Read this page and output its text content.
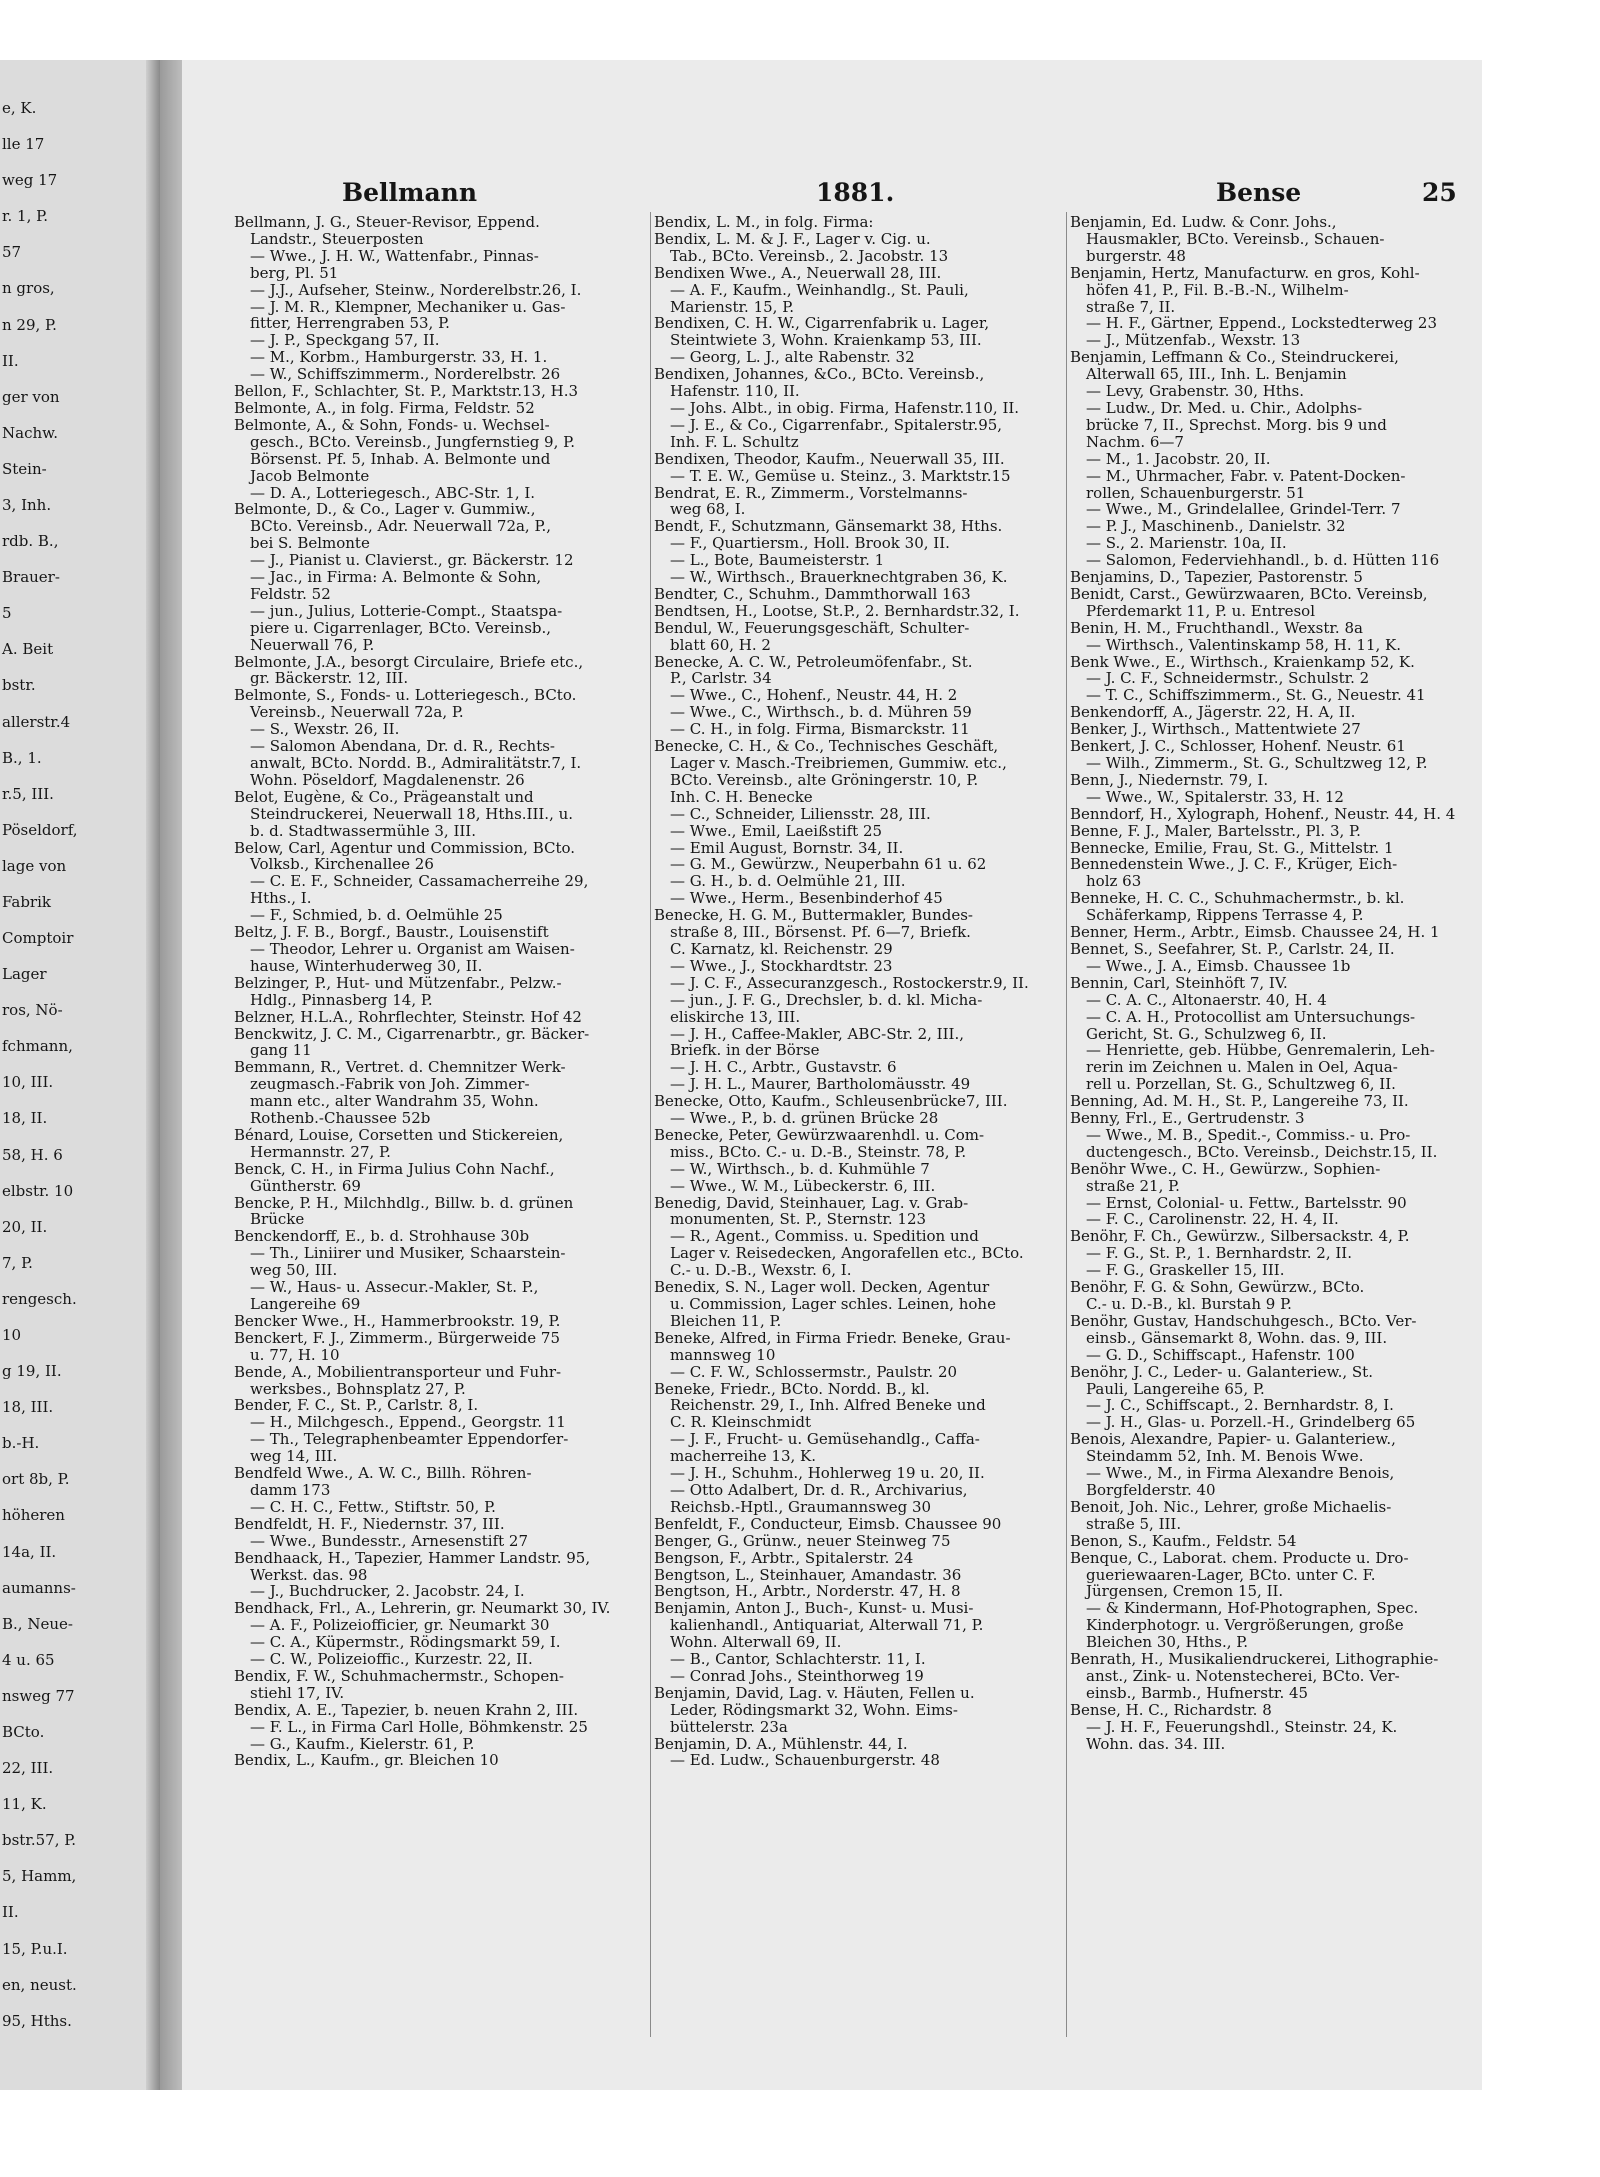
e, K.
lle 17
weg 17
r. 1, P.
57
n gros,
n 29, P.
II.
ger von
Nachw.
Stein-
3, Inh.
rdb. B.,
Brauer-
5
A. Beit
bstr.
allerstr.4
B., 1.
r.5, III.
Pöseldorf,
lage von
Fabrik
Comptoir
Lager
ros, Nö-
fchmann,
10, III.
18, II.
58, H. 6
elbstr. 10
20, II.
7, P.
rengesch.
10
g 19, II.
18, III.
b.-H.
ort 8b, P.
höheren
14a, II.
aumanns-
B., Neue-
4 u. 65
nsweg 77
BCto.
22, III.
11, K.
bstr.57, P.
5, Hamm,
II.
15, P.u.I.
en, neust.
95, Hths.
Bellmann	1881.	Bense	25
Bellmann, J. G., Steuer-Revisor, Eppend.
Landstr., Steuerposten
— Wwe., J. H. W., Wattenfabr., Pinnas-
berg, Pl. 51
— J.J., Aufseher, Steinw., Norderelbstr.26, I.
— J. M. R., Klempner, Mechaniker u. Gas-
fitter, Herrengraben 53, P.
— J. P., Speckgang 57, II.
— M., Korbm., Hamburgerstr. 33, H. 1.
— W., Schiffszimmerm., Norderelbstr. 26
Bellon, F., Schlachter, St. P., Marktstr.13, H.3
Belmonte, A., in folg. Firma, Feldstr. 52
Belmonte, A., & Sohn, Fonds- u. Wechsel-
gesch., BCto. Vereinsb., Jungfernstieg 9, P.
Börsenst. Pf. 5, Inhab. A. Belmonte und
Jacob Belmonte
— D. A., Lotteriegesch., ABC-Str. 1, I.
Belmonte, D., & Co., Lager v. Gummiw.,
BCto. Vereinsb., Adr. Neuerwall 72a, P.,
bei S. Belmonte
— J., Pianist u. Clavierst., gr. Bäckerstr. 12
— Jac., in Firma: A. Belmonte & Sohn,
Feldstr. 52
— jun., Julius, Lotterie-Compt., Staatspa-
piere u. Cigarrenlager, BCto. Vereinsb.,
Neuerwall 76, P.
Belmonte, J.A., besorgt Circulaire, Briefe etc.,
gr. Bäckerstr. 12, III.
Belmonte, S., Fonds- u. Lotteriegesch., BCto.
Vereinsb., Neuerwall 72a, P.
— S., Wexstr. 26, II.
— Salomon Abendana, Dr. d. R., Rechts-
anwalt, BCto. Nordd. B., Admiralitätstr.7, I.
Wohn. Pöseldorf, Magdalenenstr. 26
Belot, Eugène, & Co., Prägeanstalt und
Steindruckerei, Neuerwall 18, Hths.III., u.
b. d. Stadtwassermühle 3, III.
Below, Carl, Agentur und Commission, BCto.
Volksb., Kirchenallee 26
— C. E. F., Schneider, Cassamacherreihe 29,
Hths., I.
— F., Schmied, b. d. Oelmühle 25
Beltz, J. F. B., Borgf., Baustr., Louisenstift
— Theodor, Lehrer u. Organist am Waisen-
hause, Winterhuderweg 30, II.
Belzinger, P., Hut- und Mützenfabr., Pelzw.-
Hdlg., Pinnasberg 14, P.
Belzner, H.L.A., Rohrflechter, Steinstr. Hof 42
Benckwitz, J. C. M., Cigarrenarbtr., gr. Bäcker-
gang 11
Bemmann, R., Vertret. d. Chemnitzer Werk-
zeugmasch.-Fabrik von Joh. Zimmer-
mann etc., alter Wandrahm 35, Wohn.
Rothenb.-Chaussee 52b
Bénard, Louise, Corsetten und Stickereien,
Hermannstr. 27, P.
Benck, C. H., in Firma Julius Cohn Nachf.,
Güntherstr. 69
Bencke, P. H., Milchhdlg., Billw. b. d. grünen
Brücke
Benckendorff, E., b. d. Strohhause 30b
— Th., Liniirer und Musiker, Schaarstein-
weg 50, III.
— W., Haus- u. Assecur.-Makler, St. P.,
Langereihe 69
Bencker Wwe., H., Hammerbrookstr. 19, P.
Benckert, F. J., Zimmerm., Bürgerweide 75
u. 77, H. 10
Bende, A., Mobilientransporteur und Fuhr-
werksbes., Bohnsplatz 27, P.
Bender, F. C., St. P., Carlstr. 8, I.
— H., Milchgesch., Eppend., Georgstr. 11
— Th., Telegraphenbeamter Eppendorfer-
weg 14, III.
Bendfeld Wwe., A. W. C., Billh. Röhren-
damm 173
— C. H. C., Fettw., Stiftstr. 50, P.
Bendfeldt, H. F., Niedernstr. 37, III.
— Wwe., Bundesstr., Arnesenstift 27
Bendhaack, H., Tapezier, Hammer Landstr. 95,
Werkst. das. 98
— J., Buchdrucker, 2. Jacobstr. 24, I.
Bendhack, Frl., A., Lehrerin, gr. Neumarkt 30, IV.
— A. F., Polizeiofficier, gr. Neumarkt 30
— C. A., Küpermstr., Rödingsmarkt 59, I.
— C. W., Polizeioffic., Kurzestr. 22, II.
Bendix, F. W., Schuhmachermstr., Schopen-
stiehl 17, IV.
Bendix, A. E., Tapezier, b. neuen Krahn 2, III.
— F. L., in Firma Carl Holle, Böhmkenstr. 25
— G., Kaufm., Kielerstr. 61, P.
Bendix, L., Kaufm., gr. Bleichen 10
Bendix, L. M., in folg. Firma:
Bendix, L. M. & J. F., Lager v. Cig. u.
Tab., BCto. Vereinsb., 2. Jacobstr. 13
Bendixen Wwe., A., Neuerwall 28, III.
— A. F., Kaufm., Weinhandlg., St. Pauli,
Marienstr. 15, P.
Bendixen, C. H. W., Cigarrenfabrik u. Lager,
Steintwiete 3, Wohn. Kraienkamp 53, III.
— Georg, L. J., alte Rabenstr. 32
Bendixen, Johannes, &Co., BCto. Vereinsb.,
Hafenstr. 110, II.
— Johs. Albt., in obig. Firma, Hafenstr.110, II.
— J. E., & Co., Cigarrenfabr., Spitalerstr.95,
Inh. F. L. Schultz
Bendixen, Theodor, Kaufm., Neuerwall 35, III.
— T. E. W., Gemüse u. Steinz., 3. Marktstr.15
Bendrat, E. R., Zimmerm., Vorstelmanns-
weg 68, I.
Bendt, F., Schutzmann, Gänsemarkt 38, Hths.
— F., Quartiersm., Holl. Brook 30, II.
— L., Bote, Baumeisterstr. 1
— W., Wirthsch., Brauerknechtgraben 36, K.
Bendter, C., Schuhm., Dammthorwall 163
Bendtsen, H., Lootse, St.P., 2. Bernhardstr.32, I.
Bendul, W., Feuerungsgeschäft, Schulter-
blatt 60, H. 2
Benecke, A. C. W., Petroleumöfenfabr., St.
P., Carlstr. 34
— Wwe., C., Hohenf., Neustr. 44, H. 2
— Wwe., C., Wirthsch., b. d. Mühren 59
— C. H., in folg. Firma, Bismarckstr. 11
Benecke, C. H., & Co., Technisches Geschäft,
Lager v. Masch.-Treibriemen, Gummiw. etc.,
BCto. Vereinsb., alte Gröningerstr. 10, P.
Inh. C. H. Benecke
— C., Schneider, Liliensstr. 28, III.
— Wwe., Emil, Laeißstift 25
— Emil August, Bornstr. 34, II.
— G. M., Gewürzw., Neuperbahn 61 u. 62
— G. H., b. d. Oelmühle 21, III.
— Wwe., Herm., Besenbinderhof 45
Benecke, H. G. M., Buttermakler, Bundes-
straße 8, III., Börsenst. Pf. 6—7, Briefk.
C. Karnatz, kl. Reichenstr. 29
— Wwe., J., Stockhardtstr. 23
— J. C. F., Assecuranzgesch., Rostockerstr.9, II.
— jun., J. F. G., Drechsler, b. d. kl. Micha-
eliskirche 13, III.
— J. H., Caffee-Makler, ABC-Str. 2, III.,
Briefk. in der Börse
— J. H. C., Arbtr., Gustavstr. 6
— J. H. L., Maurer, Bartholomäusstr. 49
Benecke, Otto, Kaufm., Schleusenbrücke7, III.
— Wwe., P., b. d. grünen Brücke 28
Benecke, Peter, Gewürzwaarenhdl. u. Com-
miss., BCto. C.- u. D.-B., Steinstr. 78, P.
— W., Wirthsch., b. d. Kuhmühle 7
— Wwe., W. M., Lübeckerstr. 6, III.
Benedig, David, Steinhauer, Lag. v. Grab-
monumenten, St. P., Sternstr. 123
— R., Agent., Commiss. u. Spedition und
Lager v. Reisedecken, Angorafellen etc., BCto.
C.- u. D.-B., Wexstr. 6, I.
Benedix, S. N., Lager woll. Decken, Agentur
u. Commission, Lager schles. Leinen, hohe
Bleichen 11, P.
Beneke, Alfred, in Firma Friedr. Beneke, Grau-
mannsweg 10
— C. F. W., Schlossermstr., Paulstr. 20
Beneke, Friedr., BCto. Nordd. B., kl.
Reichenstr. 29, I., Inh. Alfred Beneke und
C. R. Kleinschmidt
— J. F., Frucht- u. Gemüsehandlg., Caffa-
macherreihe 13, K.
— J. H., Schuhm., Hohlerweg 19 u. 20, II.
— Otto Adalbert, Dr. d. R., Archivarius,
Reichsb.-Hptl., Graumannsweg 30
Benfeldt, F., Conducteur, Eimsb. Chaussee 90
Benger, G., Grünw., neuer Steinweg 75
Bengson, F., Arbtr., Spitalerstr. 24
Bengtson, L., Steinhauer, Amandastr. 36
Bengtson, H., Arbtr., Norderstr. 47, H. 8
Benjamin, Anton J., Buch-, Kunst- u. Musi-
kalienhandl., Antiquariat, Alterwall 71, P.
Wohn. Alterwall 69, II.
— B., Cantor, Schlachterstr. 11, I.
— Conrad Johs., Steinthorweg 19
Benjamin, David, Lag. v. Häuten, Fellen u.
Leder, Rödingsmarkt 32, Wohn. Eims-
büttelerstr. 23a
Benjamin, D. A., Mühlenstr. 44, I.
— Ed. Ludw., Schauenburgerstr. 48
Benjamin, Ed. Ludw. & Conr. Johs.,
Hausmakler, BCto. Vereinsb., Schauen-
burgerstr. 48
Benjamin, Hertz, Manufacturw. en gros, Kohl-
höfen 41, P., Fil. B.-B.-N., Wilhelm-
straße 7, II.
— H. F., Gärtner, Eppend., Lockstedterweg 23
— J., Mützenfab., Wexstr. 13
Benjamin, Leffmann & Co., Steindruckerei,
Alterwall 65, III., Inh. L. Benjamin
— Levy, Grabenstr. 30, Hths.
— Ludw., Dr. Med. u. Chir., Adolphs-
brücke 7, II., Sprechst. Morg. bis 9 und
Nachm. 6—7
— M., 1. Jacobstr. 20, II.
— M., Uhrmacher, Fabr. v. Patent-Docken-
rollen, Schauenburgerstr. 51
— Wwe., M., Grindelallee, Grindel-Terr. 7
— P. J., Maschinenb., Danielstr. 32
— S., 2. Marienstr. 10a, II.
— Salomon, Federviehhandl., b. d. Hütten 116
Benjamins, D., Tapezier, Pastorenstr. 5
Benidt, Carst., Gewürzwaaren, BCto. Vereinsb,
Pferdemarkt 11, P. u. Entresol
Benin, H. M., Fruchthandl., Wexstr. 8a
— Wirthsch., Valentinskamp 58, H. 11, K.
Benk Wwe., E., Wirthsch., Kraienkamp 52, K.
— J. C. F., Schneidermstr., Schulstr. 2
— T. C., Schiffszimmerm., St. G., Neuestr. 41
Benkendorff, A., Jägerstr. 22, H. A, II.
Benker, J., Wirthsch., Mattentwiete 27
Benkert, J. C., Schlosser, Hohenf. Neustr. 61
— Wilh., Zimmerm., St. G., Schultzweg 12, P.
Benn, J., Niedernstr. 79, I.
— Wwe., W., Spitalerstr. 33, H. 12
Benndorf, H., Xylograph, Hohenf., Neustr. 44, H. 4
Benne, F. J., Maler, Bartelsstr., Pl. 3, P.
Bennecke, Emilie, Frau, St. G., Mittelstr. 1
Bennedenstein Wwe., J. C. F., Krüger, Eich-
holz 63
Benneke, H. C. C., Schuhmachermstr., b. kl.
Schäferkamp, Rippens Terrasse 4, P.
Benner, Herm., Arbtr., Eimsb. Chaussee 24, H. 1
Bennet, S., Seefahrer, St. P., Carlstr. 24, II.
— Wwe., J. A., Eimsb. Chaussee 1b
Bennin, Carl, Steinhöft 7, IV.
— C. A. C., Altonaerstr. 40, H. 4
— C. A. H., Protocollist am Untersuchungs-
Gericht, St. G., Schulzweg 6, II.
— Henriette, geb. Hübbe, Genremalerin, Leh-
rerin im Zeichnen u. Malen in Oel, Aqua-
rell u. Porzellan, St. G., Schultzweg 6, II.
Benning, Ad. M. H., St. P., Langereihe 73, II.
Benny, Frl., E., Gertrudenstr. 3
— Wwe., M. B., Spedit.-, Commiss.- u. Pro-
ductengesch., BCto. Vereinsb., Deichstr.15, II.
Benöhr Wwe., C. H., Gewürzw., Sophien-
straße 21, P.
— Ernst, Colonial- u. Fettw., Bartelsstr. 90
— F. C., Carolinenstr. 22, H. 4, II.
Benöhr, F. Ch., Gewürzw., Silbersackstr. 4, P.
— F. G., St. P., 1. Bernhardstr. 2, II.
— F. G., Graskeller 15, III.
Benöhr, F. G. & Sohn, Gewürzw., BCto.
C.- u. D.-B., kl. Burstah 9 P.
Benöhr, Gustav, Handschuhgesch., BCto. Ver-
einsb., Gänsemarkt 8, Wohn. das. 9, III.
— G. D., Schiffscapt., Hafenstr. 100
Benöhr, J. C., Leder- u. Galanteriew., St.
Pauli, Langereihe 65, P.
— J. C., Schiffscapt., 2. Bernhardstr. 8, I.
— J. H., Glas- u. Porzell.-H., Grindelberg 65
Benois, Alexandre, Papier- u. Galanteriew.,
Steindamm 52, Inh. M. Benois Wwe.
— Wwe., M., in Firma Alexandre Benois,
Borgfelderstr. 40
Benoit, Joh. Nic., Lehrer, große Michaelis-
straße 5, III.
Benon, S., Kaufm., Feldstr. 54
Benque, C., Laborat. chem. Producte u. Dro-
gueriewaaren-Lager, BCto. unter C. F.
Jürgensen, Cremon 15, II.
— & Kindermann, Hof-Photographen, Spec.
Kinderphotogr. u. Vergrößerungen, große
Bleichen 30, Hths., P.
Benrath, H., Musikaliendruckerei, Lithographie-
anst., Zink- u. Notenstecherei, BCto. Ver-
einsb., Barmb., Hufnerstr. 45
Bense, H. C., Richardstr. 8
— J. H. F., Feuerungshdl., Steinstr. 24, K.
Wohn. das. 34. III.
